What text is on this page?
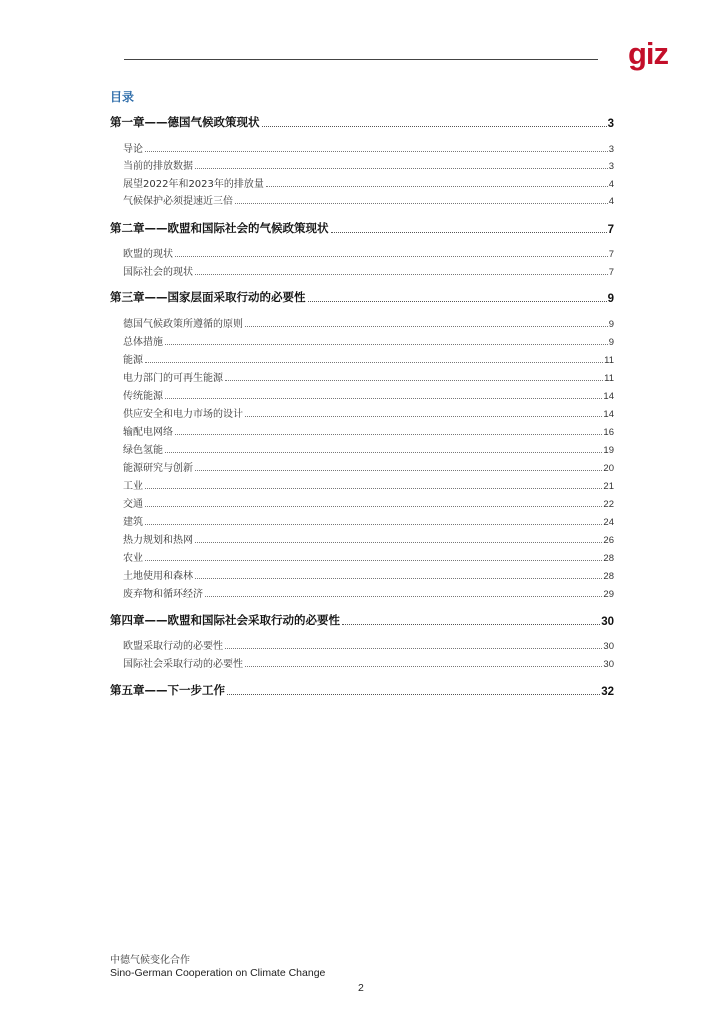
giz
目录
第一章——德国气候政策现状	3
导论	3
当前的排放数据	3
展望2022年和2023年的排放量	4
气候保护必须提速近三倍	4
第二章——欧盟和国际社会的气候政策现状	7
欧盟的现状	7
国际社会的现状	7
第三章——国家层面采取行动的必要性	9
德国气候政策所遵循的原则	9
总体措施	9
能源	11
电力部门的可再生能源	11
传统能源	14
供应安全和电力市场的设计	14
输配电网络	16
绿色氢能	19
能源研究与创新	20
工业	21
交通	22
建筑	24
热力规划和热网	26
农业	28
土地使用和森林	28
废弃物和循环经济	29
第四章——欧盟和国际社会采取行动的必要性	30
欧盟采取行动的必要性	30
国际社会采取行动的必要性	30
第五章——下一步工作	32
中德气候变化合作
Sino-German Cooperation on Climate Change
2
